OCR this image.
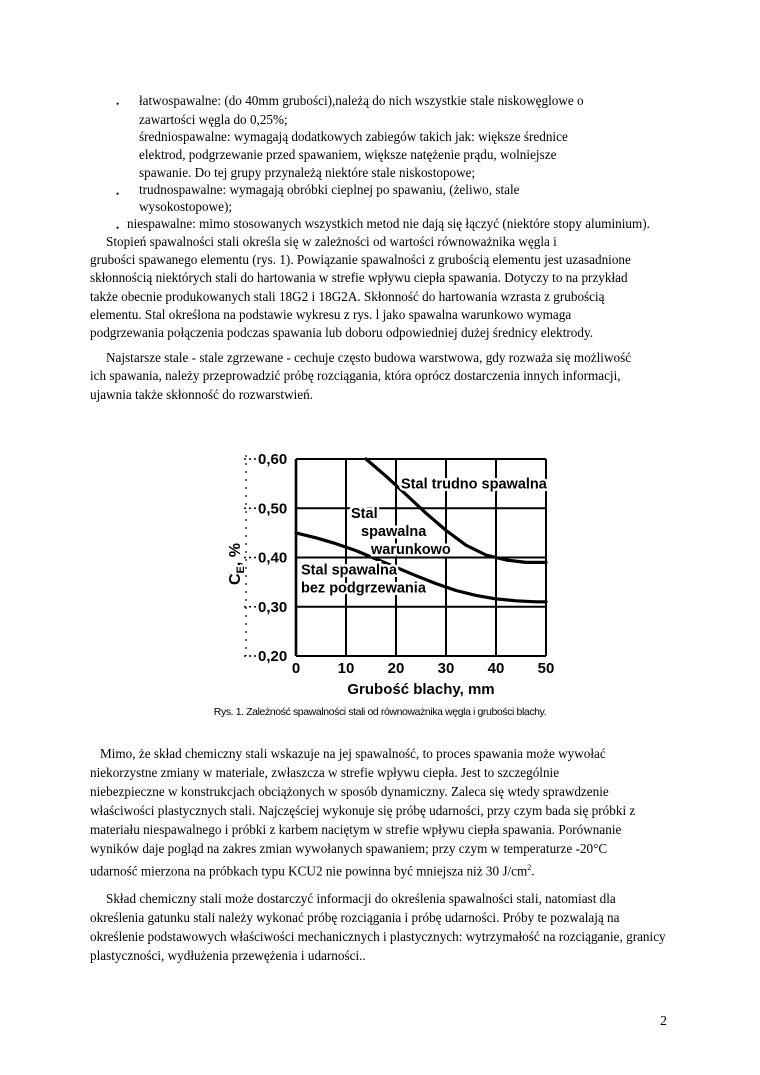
• łatwospawalne: (do 40mm grubości),należą do nich wszystkie stale niskowęglowe o
zawartości węgla do 0,25%;
średniospawalne: wymagają dodatkowych zabiegów takich jak: większe średnice
elektrod, podgrzewanie przed spawaniem, większe natężenie prądu, wolniejsze
spawanie. Do tej grupy przynależą niektóre stale niskostopowe;
• trudnospawalne: wymagają obróbki cieplnej po spawaniu, (żeliwo, stale
wysokostopowe);
• niespawalne: mimo stosowanych wszystkich metod nie dają się łączyć (niektóre stopy aluminium).
Stopień spawalności stali określa się w zależności od wartości równoważnika węgla i
grubości spawanego elementu (rys. 1). Powiązanie spawalności z grubością elementu jest uzasadnione
skłonnością niektórych stali do hartowania w strefie wpływu ciepła spawania. Dotyczy to na przykład
także obecnie produkowanych stali 18G2 i 18G2A. Skłonność do hartowania wzrasta z grubością
elementu. Stal określona na podstawie wykresu z rys. l jako spawalna warunkowo wymaga
podgrzewania połączenia podczas spawania lub doboru odpowiedniej dużej średnicy elektrody.
Najstarsze stale - stale zgrzewane - cechuje często budowa warstwowa, gdy rozważa się możliwość
ich spawania, należy przeprowadzić próbę rozciągania, która oprócz dostarczenia innych informacji,
ujawnia także skłonność do rozwarstwień.
0,20
0,30
0,40
0,50
0,60
0 10 20 30 40 50
Grubość blachy, mm
$C_E$, %
Stal trudno spawalna
Stal
spawalna
warunkowo
Stal spawalna
bez podgrzewania
Rys. 1. Zależność spawalności stali od równoważnika węgla i grubości blachy.
Mimo, że skład chemiczny stali wskazuje na jej spawalność, to proces spawania może wywołać
niekorzystne zmiany w materiale, zwłaszcza w strefie wpływu ciepła. Jest to szczególnie
niebezpieczne w konstrukcjach obciążonych w sposób dynamiczny. Zaleca się wtedy sprawdzenie
właściwości plastycznych stali. Najczęściej wykonuje się próbę udarności, przy czym bada się próbki z
materiału niespawalnego i próbki z karbem naciętym w strefie wpływu ciepła spawania. Porównanie
wyników daje pogląd na zakres zmian wywołanych spawaniem; przy czym w temperaturze -20°C
udarność mierzona na próbkach typu KCU2 nie powinna być mniejsza niż 30 $J/cm^2$.
Skład chemiczny stali może dostarczyć informacji do określenia spawalności stali, natomiast dla
określenia gatunku stali należy wykonać próbę rozciągania i próbę udarności. Próby te pozwalają na
określenie podstawowych właściwości mechanicznych i plastycznych: wytrzymałość na rozciąganie, granicy
plastyczności, wydłużenia przewężenia i udarności..
2
